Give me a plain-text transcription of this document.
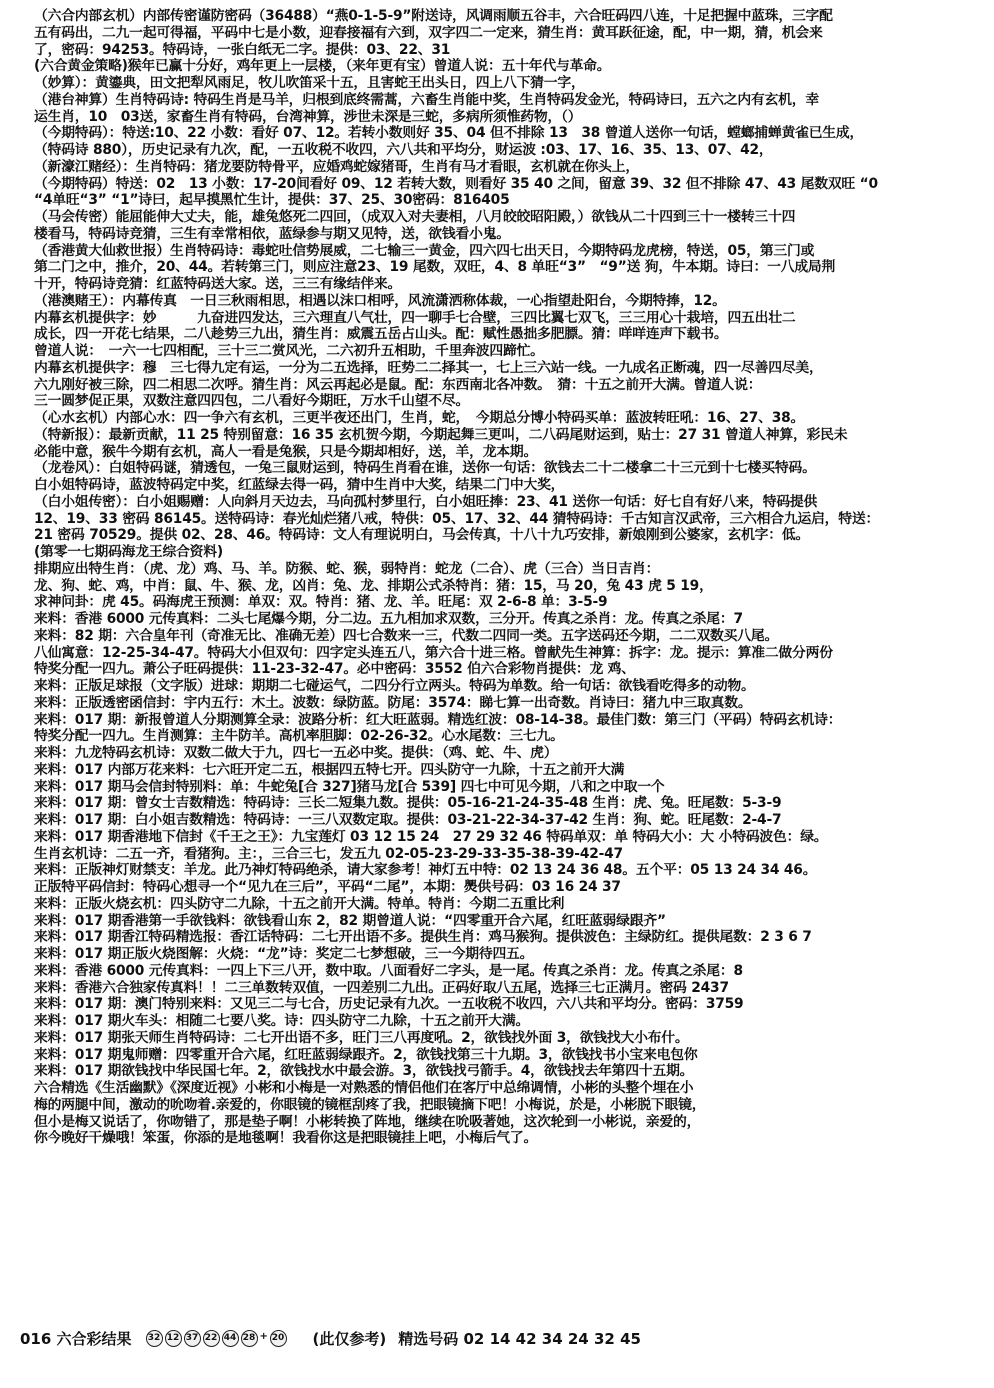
（六合内部玄机）内部传密谨防密码（36488）“燕0-1-5-9”附送诗，风调雨顺五谷丰，六合旺码四八连，十足把握中蓝珠，三字配
五有码出，二九一起可得福，平码中七是小数，迎春接福有六到，双字四二一定来，猜生肖：黄耳跃征途，配，中一期，猜，机会来
了，密码：94253。特码诗，一张白纸无二字。提供：03、22、31
(六合黄金策略)猴年已赢十分好，鸡年更上一层楼，（来年更有宝）曾道人说：五十年代与革命。
（妙算）：黄鎏典，田文把犁风雨足，牧儿吹笛采十五，且害蛇王出头日，四上八下猜一字，
（港台神算）生肖特码诗: 特码生肖是马羊，归根到底终需蒿，六畜生肖能中奖，生肖特码发金光，特码诗曰，五六之内有玄机，幸
运生肖，10　03送，家畜生肖有特码，台湾神算，涉世未深是三蛇，多病所须惟药物，（）
（今期特码）：特送:10、22 小数：看好 07、12。若转小数则好 35、04 但不排除 13　38 曾道人送你一句话，螳螂捕蝉黄雀已生成，
（特码诗 880），历史记录有九次，配，一五收税不收四，六八共和平均分，财运波 :03、17、16、35、13、07、42，
（新濠江赌经）：生肖特码：猪龙要防特骨平，应婚鸡蛇嫁猪哥，生肖有马才看眼，玄机就在你头上，
（今期特码）特送：02　13 小数：17-20间看好 09、12 若转大数，则看好 35 40 之间，留意 39、32 但不排除 47、43 尾数双旺 “0
“4单旺“3” “1”诗曰，起早摸黑忙生计，提供：37、25、30密码：816405
（马会传密）能屈能伸大丈夫，能，雄兔悠死二四回，（成双入对夫妻相，八月皎皎昭阳殿，）欲钱从二十四到三十一楼转三十四
楼看马，特码诗竞猜，三生有幸常相依，蓝绿参与期又见特，送，欲钱看小鬼。
（香港黄大仙救世报）生肖特码诗：毒蛇吐信势展威，二七输三一黄金，四六四七出天日，今期特码龙虎榜，特送，05，第三门或
第二门之中，推介，20、44。若转第三门，则应注意23、19 尾数，双旺，4、8 单旺“3”　“9”送 狗，牛本期。诗曰：一八成局荆
十开，特码诗竞猜：红蓝特码送大家。送，三三有缘结伴来。
（港澳赌王）：内幕传真　一日三秋雨相思，相遇以沫口相呼，风流潇洒称体裁，一心指望赴阳台，今期特捧，12。
内幕玄机提供字：妙　　　九奋进四发达，三六理直八气壮，四一聊手七合壁，三四比翼七双飞，三三用心十栽培，四五出壮二
成长，四一开花七结果，二八趁势三九出，猜生肖：威震五岳占山头。配：赋性愚拙多肥膘。猜：咩咩连声下载书。
曾道人说：　一六一七四相配，三十三二赏风光，二六初升五相助，千里奔波四蹄忙。
内幕玄机提供字：穆　三七得九定有运，一分为二五选择，旺势二二择其一，七上三六站一线。一九成名正断魂，四一尽善四尽美，
六九刚好被三除，四二相思二次呼。猜生肖：风云再起必是鼠。配：东西南北各冲数。　猜：十五之前开大满。曾道人说：
三一圆梦促正果，双数注意四四包，二八看好今期旺，万水千山望不尽。
（心水玄机）内部心水：四一争六有玄机，三更半夜还出门，生肖，蛇，　今期总分博小特码买单：蓝波转旺吼：16、27、38。
（特新报）：最新贡献，11 25 特别留意：16 35 玄机贺今期，今期起舞三更叫，二八码尾财运到，贴士：27 31 曾道人神算，彩民未
必能中意，猴牛今期有玄机，高人一看是兔猴，只是今期却相好，送，羊，龙本期。
（龙卷风）：白姐特码谜，猜透包，一兔三鼠财运到，特码生肖看在谁，送你一句话：欲钱去二十二楼拿二十三元到十七楼买特码。
白小姐特码诗，蓝波特码定中奖，红蓝绿去得一码，猜中生肖中大奖，结果二门中大奖，
（白小姐传密）：白小姐赐赠：人向斜月天边去，马向孤村梦里行，白小姐旺捧：23、41 送你一句话：好七自有好八来，特码提供
12、19、33 密码 86145。送特码诗：春光灿烂猪八戒，特供：05、17、32、44 猜特码诗：千古知言汉武帝，三六相合九运启，特送：
21 密码 70529。提供 02、28、46。特码诗：文人有理说明白，马会传真，十八十九巧安排，新娘刚到公婆家，玄机字：低。
(第零一七期码海龙王综合资料)
排期应出特生肖：（虎、龙）鸡、马、羊。防猴、蛇、猴，弱特肖：蛇龙（二合）、虎（三合）当日吉肖：
龙、狗、蛇、鸡，中肖：鼠、牛、猴、龙，凶肖：兔、龙、排期公式杀特肖：猪：15，马 20，兔 43 虎 5 19，
求神问卦：虎 45。码海虎王预测：单双：双。特肖：猪、龙、羊。旺尾：双 2-6-8 单：3-5-9
来料：香港 6000 元传真料：二头七尾爆今期，分二边。五九相加求双数，三分开。传真之杀肖：龙。传真之杀尾：7
来料：82 期：六合皇年刊（奇准无比、准确无差）四七合数来一三，代数二四同一类。五字送码还今期，二二双数买八尾。
八仙寓意：12-25-34-47。特码大小但双句：四字定头连五八，第六合十进三格。曾献先生神算：拆字：龙。提示：算准二做分两份
特奖分配一四九。萧公子旺码提供：11-23-32-47。必中密码：3552 伯六合彩物肖提供：龙 鸡、
来料：正版足球报（文字版）进球：期期二七碰运气，二四分行立两头。特码为单数。给一句话：欲钱看吃得多的动物。
来料：正版透密函信封：宇内五行：木土。波数：绿防蓝。防尾：3574：睇七算一出奇数。肖诗曰：猪九中三取真数。
来料：017 期：新报曾道人分期测算全录：波路分析：红大旺蓝弱。精选红波：08-14-38。最佳门数：第三门（平码）特码玄机诗：
特奖分配一四九。生肖测算：主牛防羊。高机率胆脚：02-26-32。心水尾数：三七九。
来料：九龙特码玄机诗：双数二做大于九，四七一五必中奖。提供：（鸡、蛇、牛、虎）
来料：017 内部万花来料：七六旺开定二五，根据四五特七开。四头防守一九除，十五之前开大满
来料：017 期马会信封特别料：单：牛蛇兔[合 327]猪马龙[合 539] 四七中可见今期，八和之中取一个
来料：017 期：曾女士吉数精选：特码诗：三长二短集九数。提供：05-16-21-24-35-48 生肖：虎、兔。旺尾数：5-3-9
来料：017 期：白小姐吉数精选：特码诗：一三八双数定取。提供：03-21-22-34-37-42 生肖：狗、蛇。旺尾数：2-4-7
来料：017 期香港地下信封《千王之王》：九宝莲灯 03 12 15 24　27 29 32 46 特码单双：单 特码大小：大 小特码波色：绿。
生肖玄机诗：二五一齐，看猪狗。主：，三合三七，发五九 02-05-23-29-33-35-38-39-42-47
来料：正版神灯财禁支：羊龙。此乃神灯特码绝杀，请大家参考！神灯五中特：02 13 24 36 48。五个平：05 13 24 34 46。
正版特平码信封：特码心想寻一个“见九在三后”，平码“二尾”，本期：爂供号码：03 16 24 37
来料：正版火烧玄机：四头防守二九除，十五之前开大满。特单。特肖：今期二五重比利
来料：017 期香港第一手欲钱料：欲钱看山东 2，82 期曾道人说：“四零重开合六尾，红旺蓝弱绿跟齐”
来料：017 期香江特码精选报：香江话特码：二七开出语不多。提供生肖：鸡马猴狗。提供波色：主绿防红。提供尾数：2 3 6 7
来料：017 期正版火烧图解：火烧：“龙”诗：奖定二七梦想破，三一今期待四五。
来料：香港 6000 元传真料：一四上下三八开，数中取。八面看好二字头，是一尾。传真之杀肖：龙。传真之杀尾：8
来料：香港六合独家传真料！！二三单数转双值，一四差别二九出。正码好取八五尾，选择三七正满月。密码 2437
来料：017 期：澳门特别来料：又见三二与七合，历史记录有九次。一五收税不收四，六八共和平均分。密码：3759
来料：017 期火车头：相随二七要八奖。诗：四头防守二九除，十五之前开大满。
来料：017 期张天师生肖特码诗：二七开出语不多，旺门三八再度吼。2，欲钱找外面 3，欲钱找大小布什。
来料：017 期鬼师赠：四零重开合六尾，红旺蓝弱绿跟齐。2，欲钱找第三十九期。3，欲钱找书小宝来电包你
来料：017 期欲钱找中华民国七年。2，欲钱找水中最会游。3，欲钱找弓箭手。4，欲钱找去年第四十五期。
六合精选《生活幽默》《深度近视》小彬和小梅是一对熟悉的情侣他们在客厅中总绵调情，小彬的头整个埋在小
梅的两腿中间，激动的吮吻着.亲爱的，你眼镜的镜框刮疼了我，把眼镜摘下吧！小梅说，於是，小彬脱下眼镜，
但小是梅又说话了，你吻错了，那是垫子啊！小彬转换了阵地，继续在吮吸著她，这次轮到一小彬说，亲爱的，
你今晚好干燥哦！笨蛋，你添的是地毯啊！我看你这是把眼镜挂上吧，小梅后气了。
016 六合彩结果 32 12 37 22 44 28 + 20 (此仅参考) 精选号码 02 14 42 34 24 32 45
